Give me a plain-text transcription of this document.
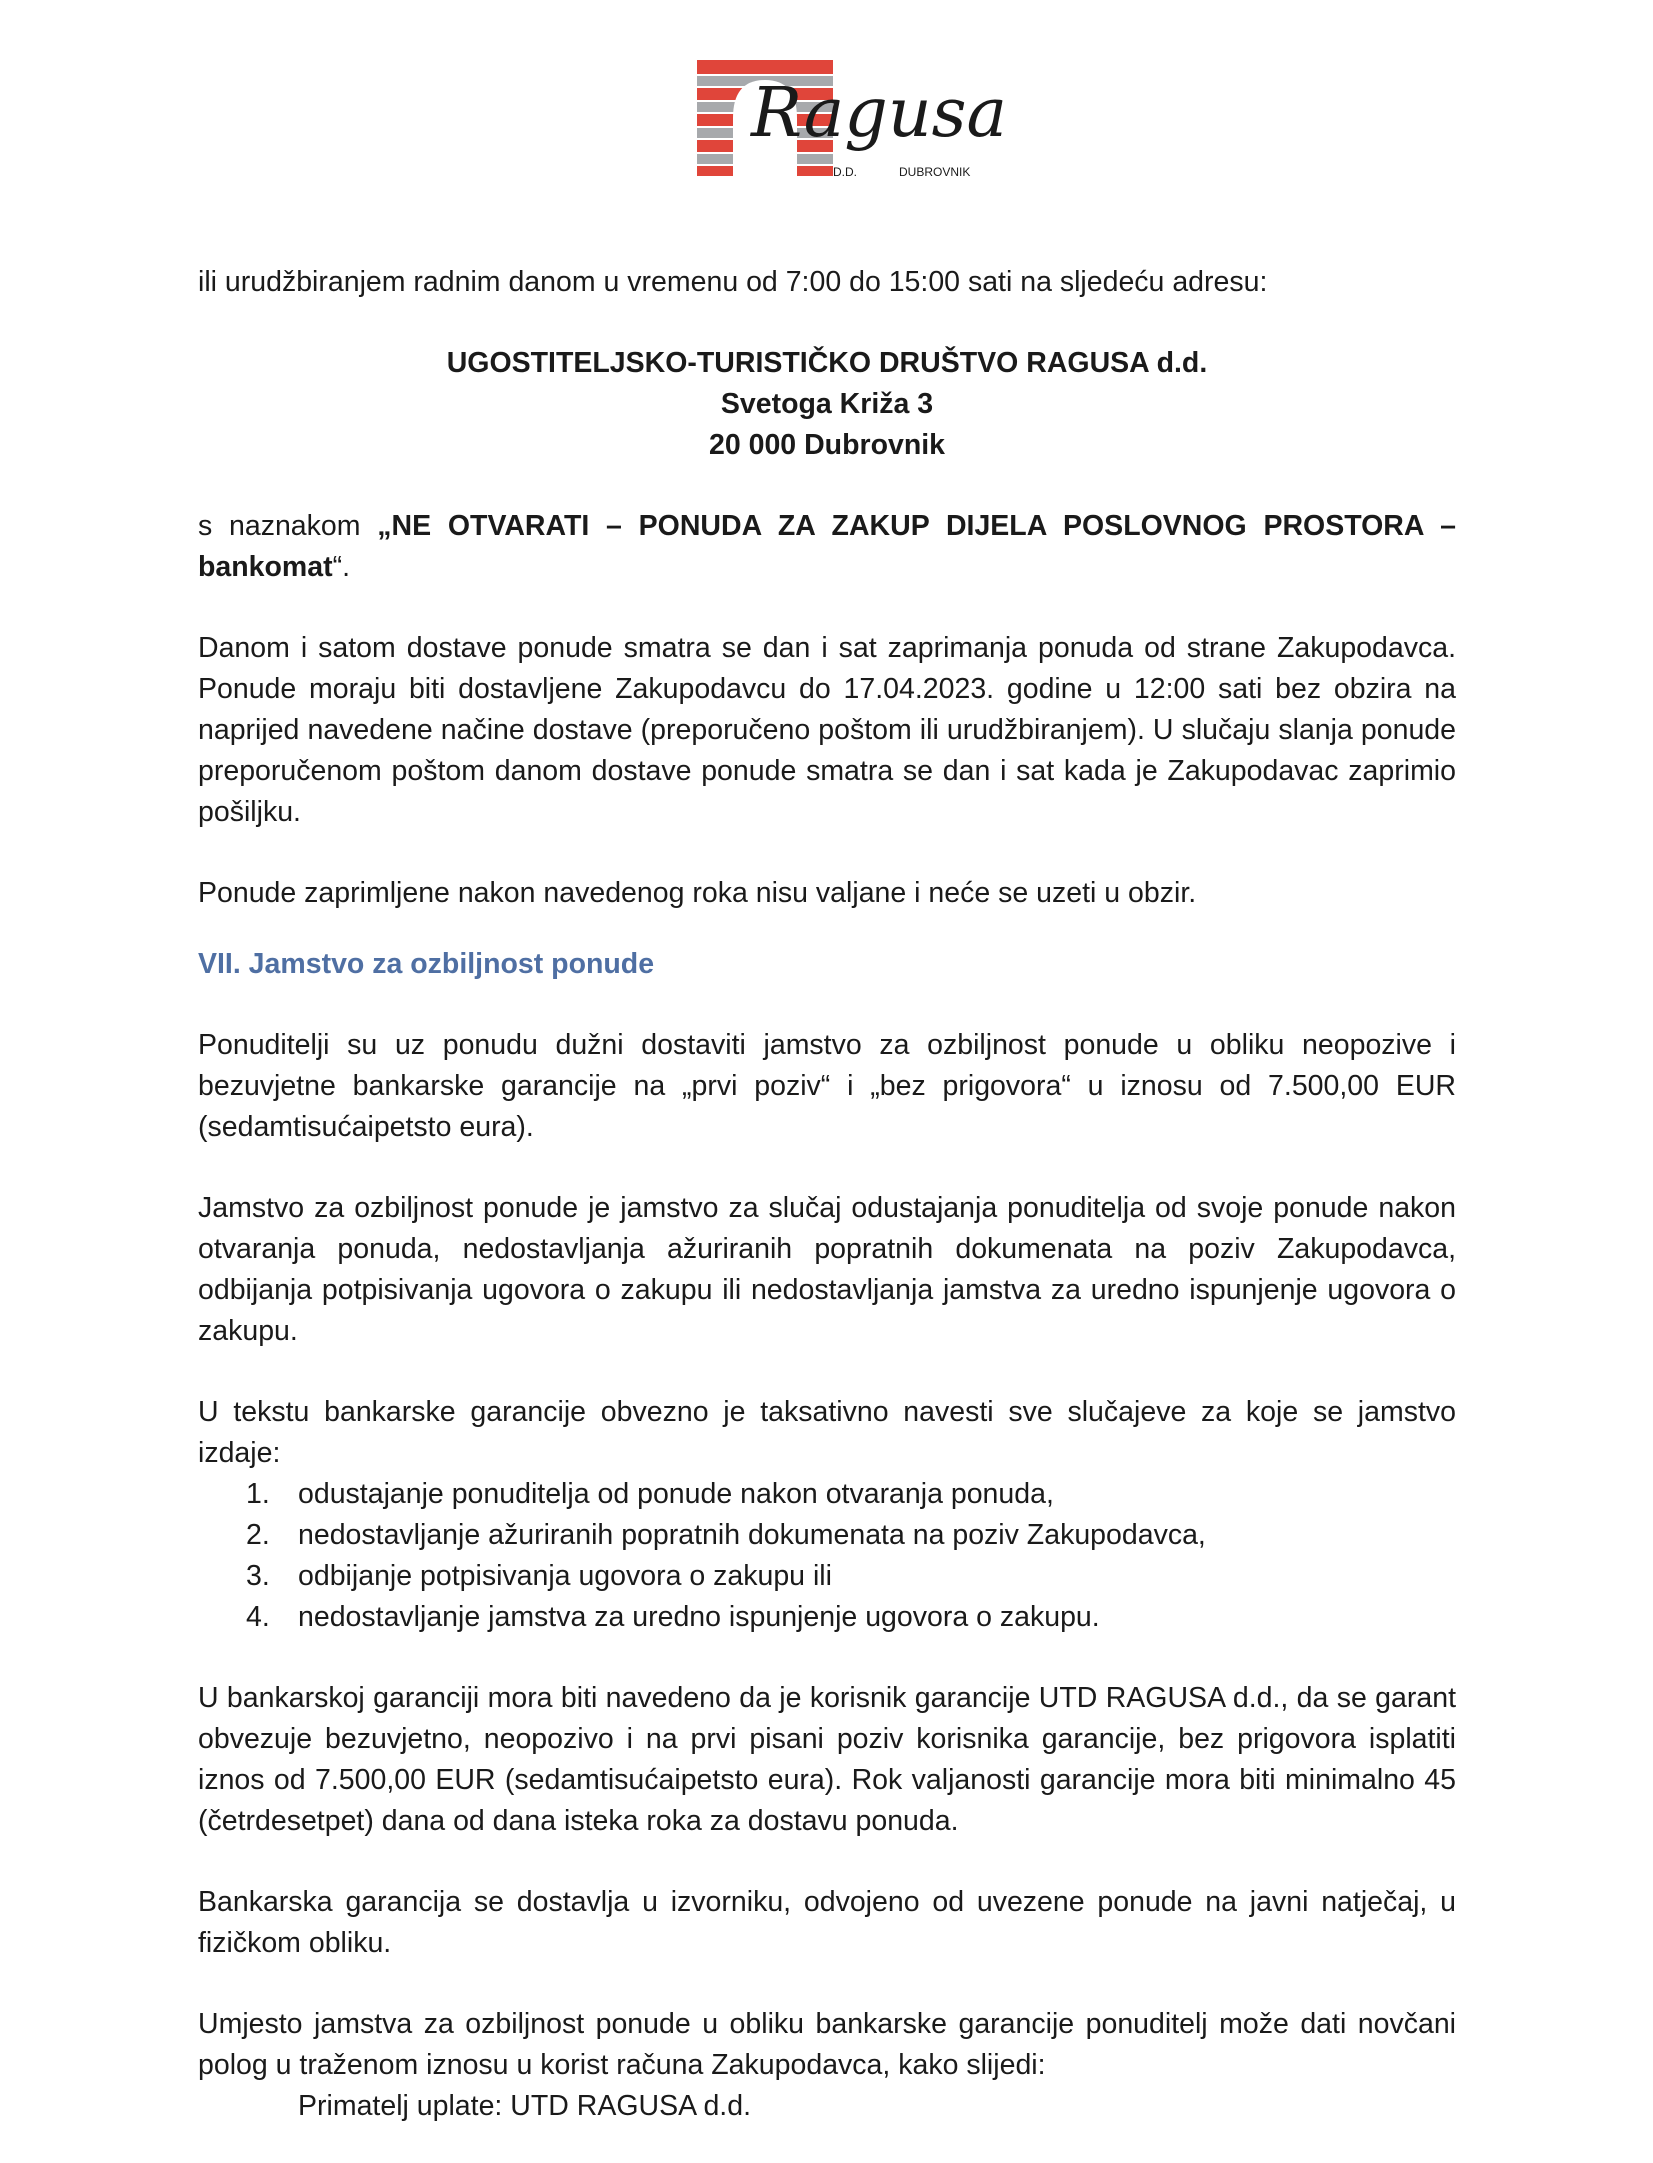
Ragusa
D.D.	DUBROVNIK

ili urudžbiranjem radnim danom u vremenu od 7:00 do 15:00 sati na sljedeću adresu:

UGOSTITELJSKO-TURISTIČKO DRUŠTVO RAGUSA d.d.

Svetoga Križa 3

20 000 Dubrovnik

s naznakom „NE OTVARATI – PONUDA ZA ZAKUP DIJELA POSLOVNOG PROSTORA – bankomat“.

Danom i satom dostave ponude smatra se dan i sat zaprimanja ponuda od strane Zakupodavca. Ponude moraju biti dostavljene Zakupodavcu do 17.04.2023. godine u 12:00 sati bez obzira na naprijed navedene načine dostave (preporučeno poštom ili urudžbiranjem). U slučaju slanja ponude preporučenom poštom danom dostave ponude smatra se dan i sat kada je Zakupodavac zaprimio pošiljku.

Ponude zaprimljene nakon navedenog roka nisu valjane i neće se uzeti u obzir.

VII. Jamstvo za ozbiljnost ponude

Ponuditelji su uz ponudu dužni dostaviti jamstvo za ozbiljnost ponude u obliku neopozive i bezuvjetne bankarske garancije na „prvi poziv“ i „bez prigovora“ u iznosu od 7.500,00 EUR (sedamtisućaipetsto eura).

Jamstvo za ozbiljnost ponude je jamstvo za slučaj odustajanja ponuditelja od svoje ponude nakon otvaranja ponuda, nedostavljanja ažuriranih popratnih dokumenata na poziv Zakupodavca, odbijanja potpisivanja ugovora o zakupu ili nedostavljanja jamstva za uredno ispunjenje ugovora o zakupu.

U tekstu bankarske garancije obvezno je taksativno navesti sve slučajeve za koje se jamstvo izdaje:

1. odustajanje ponuditelja od ponude nakon otvaranja ponuda,
2. nedostavljanje ažuriranih popratnih dokumenata na poziv Zakupodavca,
3. odbijanje potpisivanja ugovora o zakupu ili
4. nedostavljanje jamstva za uredno ispunjenje ugovora o zakupu.

U bankarskoj garanciji mora biti navedeno da je korisnik garancije UTD RAGUSA d.d., da se garant obvezuje bezuvjetno, neopozivo i na prvi pisani poziv korisnika garancije, bez prigovora isplatiti iznos od 7.500,00 EUR (sedamtisućaipetsto eura). Rok valjanosti garancije mora biti minimalno 45 (četrdesetpet) dana od dana isteka roka za dostavu ponuda.

Bankarska garancija se dostavlja u izvorniku, odvojeno od uvezene ponude na javni natječaj, u fizičkom obliku.

Umjesto jamstva za ozbiljnost ponude u obliku bankarske garancije ponuditelj može dati novčani polog u traženom iznosu u korist računa Zakupodavca, kako slijedi:

Primatelj uplate: UTD RAGUSA d.d.
